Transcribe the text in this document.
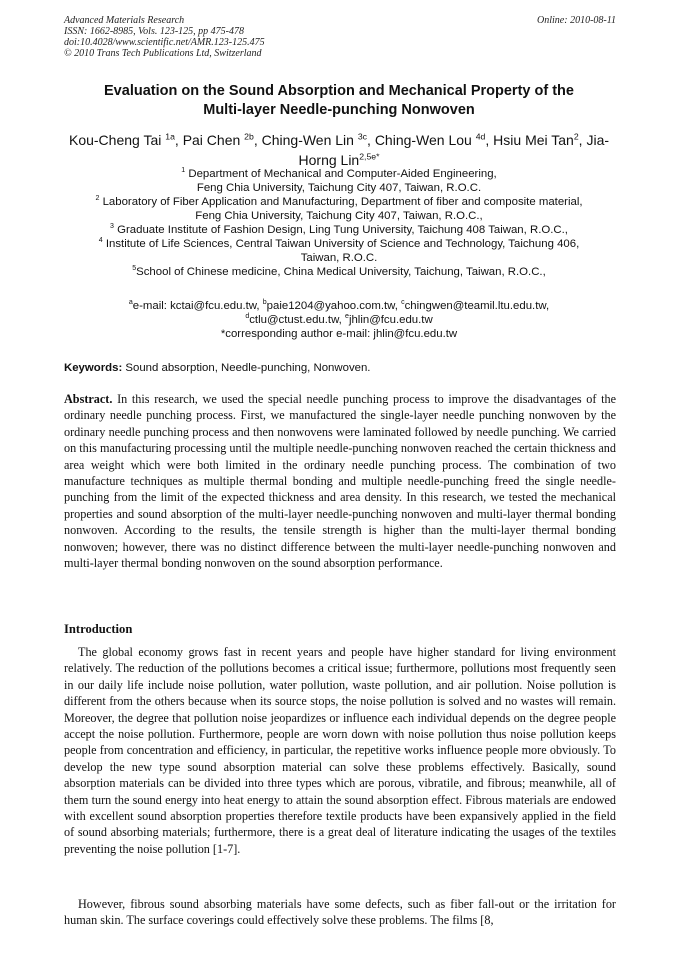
Advanced Materials Research
ISSN: 1662-8985, Vols. 123-125, pp 475-478
doi:10.4028/www.scientific.net/AMR.123-125.475
© 2010 Trans Tech Publications Ltd, Switzerland
Online: 2010-08-11
Evaluation on the Sound Absorption and Mechanical Property of the
Multi-layer Needle-punching Nonwoven
Kou-Cheng Tai $^{1a}$, Pai Chen $^{2b}$, Ching-Wen Lin $^{3c}$, Ching-Wen Lou $^{4d}$, Hsiu Mei Tan$^2$, Jia-Horng Lin$^{2,5e*}$
$^1$ Department of Mechanical and Computer-Aided Engineering,
Feng Chia University, Taichung City 407, Taiwan, R.O.C.
$^2$ Laboratory of Fiber Application and Manufacturing, Department of fiber and composite material,
Feng Chia University, Taichung City 407, Taiwan, R.O.C.,
$^3$ Graduate Institute of Fashion Design, Ling Tung University, Taichung 408 Taiwan, R.O.C.,
$^4$ Institute of Life Sciences, Central Taiwan University of Science and Technology, Taichung 406,
Taiwan, R.O.C.
$^5$School of Chinese medicine, China Medical University, Taichung, Taiwan, R.O.C.,
$^a$e-mail: kctai@fcu.edu.tw, $^b$paie1204@yahoo.com.tw, $^c$chingwen@teamil.ltu.edu.tw,
$^d$ctlu@ctust.edu.tw, $^e$jhlin@fcu.edu.tw
*corresponding author e-mail: jhlin@fcu.edu.tw
Keywords: Sound absorption, Needle-punching, Nonwoven.
Abstract. In this research, we used the special needle punching process to improve the disadvantages of the ordinary needle punching process. First, we manufactured the single-layer needle punching nonwoven by the ordinary needle punching process and then nonwovens were laminated followed by needle punching. We carried on this manufacturing processing until the multiple needle-punching nonwoven reached the certain thickness and area weight which were both limited in the ordinary needle punching process. The combination of two manufacture techniques as multiple thermal bonding and multiple needle-punching freed the single needle-punching from the limit of the expected thickness and area density. In this research, we tested the mechanical properties and sound absorption of the multi-layer needle-punching nonwoven and multi-layer thermal bonding nonwoven. According to the results, the tensile strength is higher than the multi-layer thermal bonding nonwoven; however, there was no distinct difference between the multi-layer needle-punching nonwoven and multi-layer thermal bonding nonwoven on the sound absorption performance.
Introduction
The global economy grows fast in recent years and people have higher standard for living environment relatively. The reduction of the pollutions becomes a critical issue; furthermore, pollutions most frequently seen in our daily life include noise pollution, water pollution, waste pollution, and air pollution. Noise pollution is different from the others because when its source stops, the noise pollution is solved and no wastes will remain. Moreover, the degree that pollution noise jeopardizes or influence each individual depends on the degree people accept the noise pollution. Furthermore, people are worn down with noise pollution thus noise pollution keeps people from concentration and efficiency, in particular, the repetitive works influence people more obviously. To develop the new type sound absorption material can solve these problems effectively. Basically, sound absorption materials can be divided into three types which are porous, vibratile, and fibrous; meanwhile, all of them turn the sound energy into heat energy to attain the sound absorption effect. Fibrous materials are endowed with excellent sound absorption properties therefore textile products have been expansively applied in the field of sound absorbing materials; furthermore, there is a great deal of literature indicating the usages of the textiles preventing the noise pollution [1-7].
However, fibrous sound absorbing materials have some defects, such as fiber fall-out or the irritation for human skin. The surface coverings could effectively solve these problems. The films [8,
